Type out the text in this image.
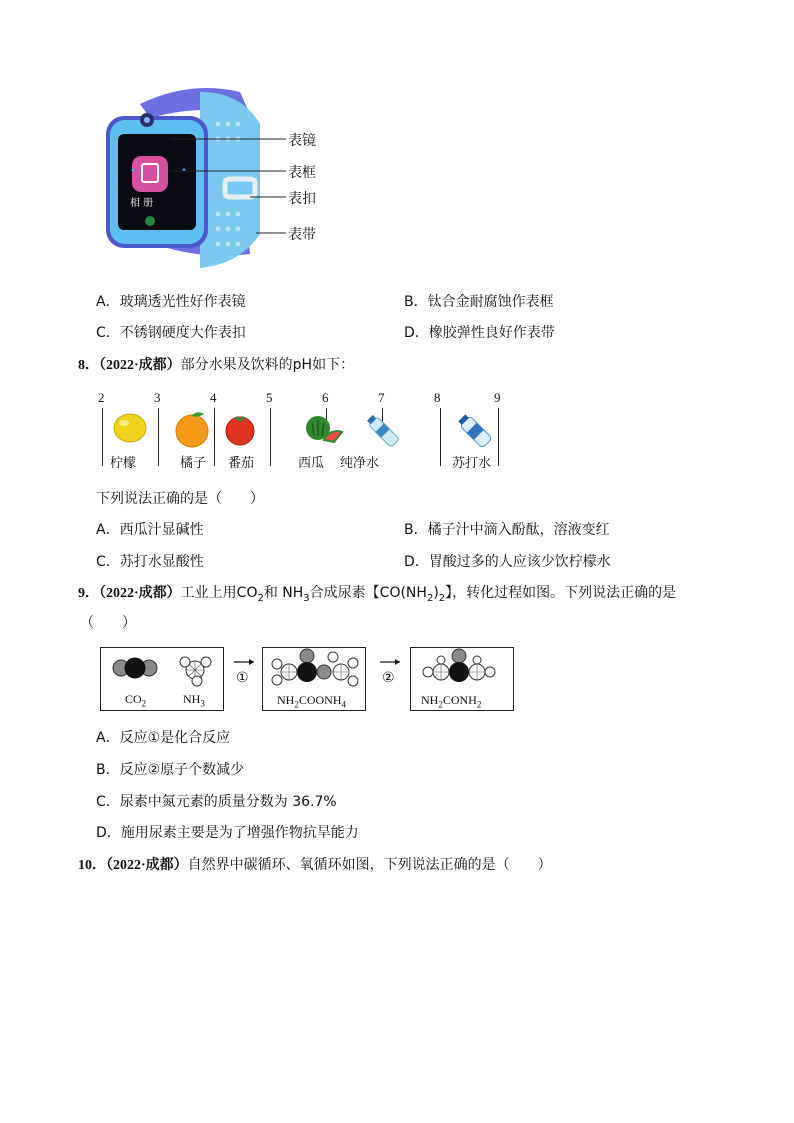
相 册
表镜
表框
表扣
表带
A．玻璃透光性好作表镜	B．钛合金耐腐蚀作表框
C．不锈钢硬度大作表扣	D．橡胶弹性良好作表带
8．（2022·成都）部分水果及饮料的pH如下：
2	3	4	5	6	7	8	9
柠檬	橘子 番茄	西瓜 纯净水	苏打水
下列说法正确的是（　　）
A．西瓜汁显碱性	B．橘子汁中滴入酚酞，溶液变红
C．苏打水显酸性	D．胃酸过多的人应该少饮柠檬水
9．（2022·成都）工业上用$CO_2$和 $NH_3$合成尿素【$CO(NH_2)_2$】，转化过程如图。下列说法正确的是
（　　）
$CO_2$	$NH_3$
①
$NH_2COONH_4$
②
$NH_2CONH_2$
A．反应①是化合反应
B．反应②原子个数减少
C．尿素中氮元素的质量分数为 36.7%
D．施用尿素主要是为了增强作物抗旱能力
10．（2022·成都）自然界中碳循环、氧循环如图，下列说法正确的是（　　）
